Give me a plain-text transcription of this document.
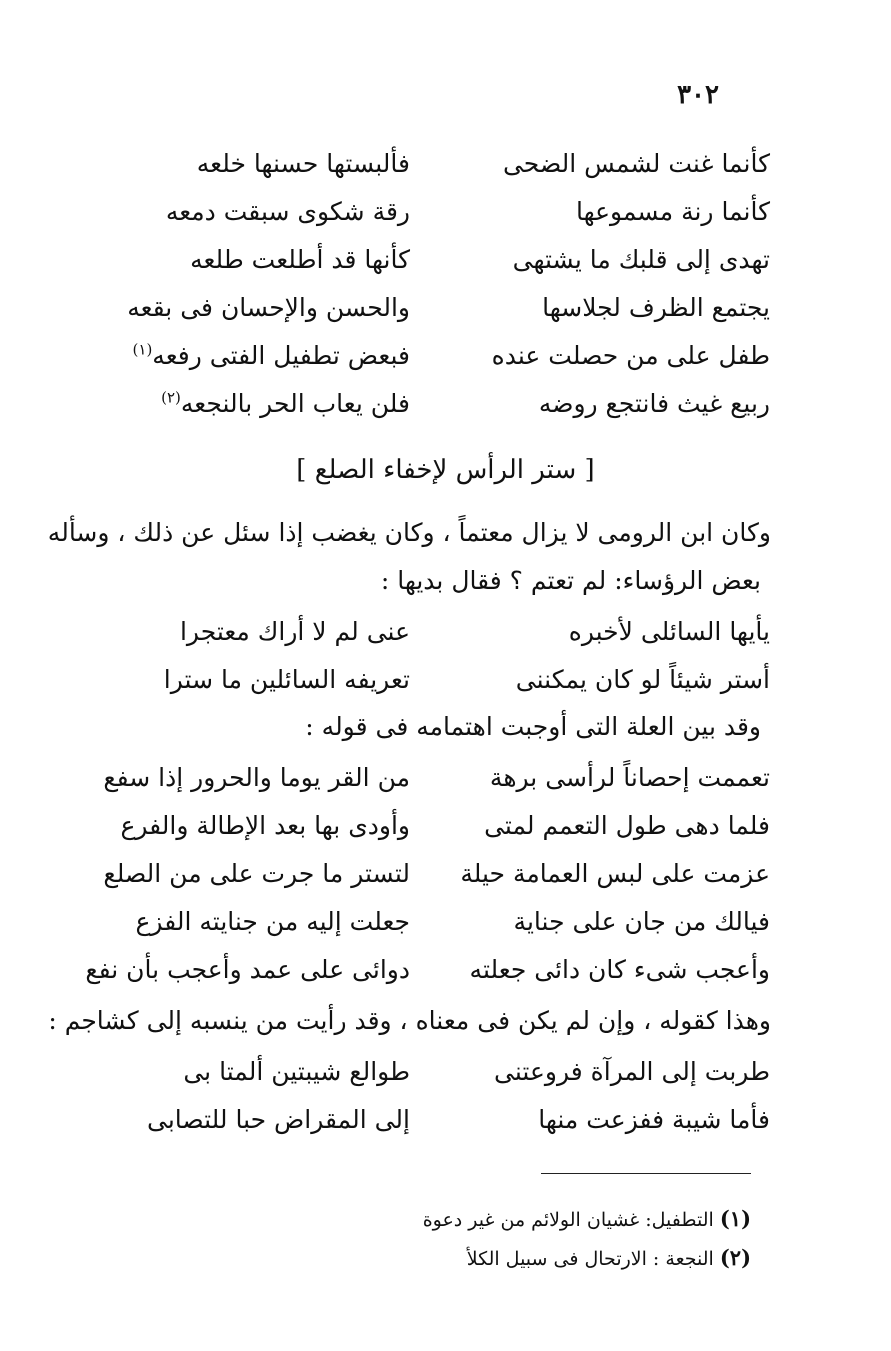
٣٠٢
كأنما غنت لشمس الضحى
فألبستها حسنها خلعه
كأنما رنة مسموعها
رقة شكوى سبقت دمعه
تهدى إلى قلبك ما يشتهى
كأنها قد أطلعت طلعه
يجتمع الظرف لجلاسها
والحسن والإحسان فى بقعه
طفل على من حصلت عنده
فبعض تطفيل الفتى رفعه$^{(١)}$
ربيع غيث فانتجع روضه
فلن يعاب الحر بالنجعه$^{(٢)}$
[ ستر الرأس لإخفاء الصلع ]
وكان ابن الرومى لا يزال معتماً ، وكان يغضب إذا سئل عن ذلك ، وسأله
بعض الرؤساء: لم تعتم ؟ فقال بديها :
يأيها السائلى لأخبره
عنى لم لا أراك معتجرا
أستر شيئاً لو كان يمكننى
تعريفه السائلين ما سترا
وقد بين العلة التى أوجبت اهتمامه فى قوله :
تعممت إحصاناً لرأسى برهة
من القر يوما والحرور إذا سفع
فلما دهى طول التعمم لمتى
وأودى بها بعد الإطالة والفرع
عزمت على لبس العمامة حيلة
لتستر ما جرت على من الصلع
فيالك من جان على جناية
جعلت إليه من جنايته الفزع
وأعجب شىء كان دائى جعلته
دوائى على عمد وأعجب بأن نفع
وهذا كقوله ، وإن لم يكن فى معناه ، وقد رأيت من ينسبه إلى كشاجم :
طربت إلى المرآة فروعتنى
طوالع شيبتين ألمتا بى
فأما شيبة ففزعت منها
إلى المقراض حبا للتصابى
(١) التطفيل: غشيان الولائم من غير دعوة
(٢) النجعة : الارتحال فى سبيل الكلأ
